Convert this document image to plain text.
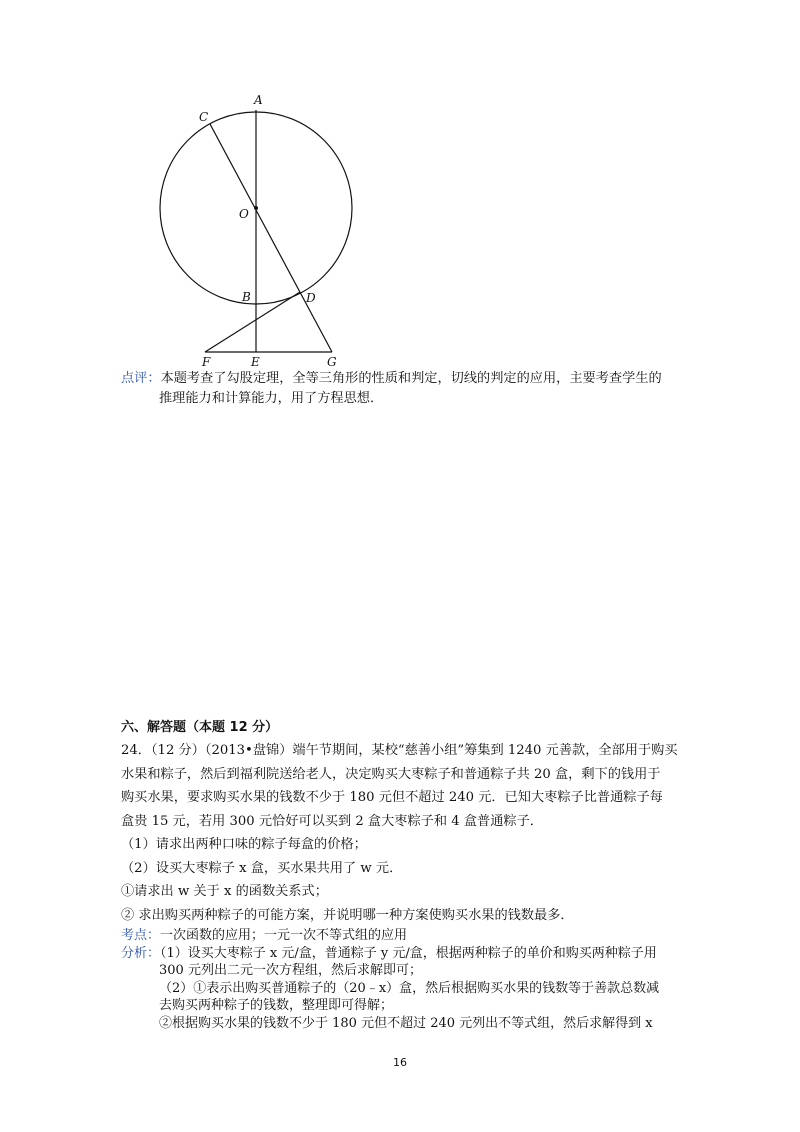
A
C
O
B	D
F	E	G
点评：本题考查了勾股定理，全等三角形的性质和判定，切线的判定的应用，主要考查学生的
推理能力和计算能力，用了方程思想．
六、解答题（本题 12 分）

24．（12 分）（2013•盘锦）端午节期间，某校“慈善小组”筹集到 1240 元善款，全部用于购买

水果和粽子，然后到福利院送给老人，决定购买大枣粽子和普通粽子共 20 盒，剩下的钱用于

购买水果，要求购买水果的钱数不少于 180 元但不超过 240 元．已知大枣粽子比普通粽子每

盒贵 15 元，若用 300 元恰好可以买到 2 盒大枣粽子和 4 盒普通粽子．

（1）请求出两种口味的粽子每盒的价格；

（2）设买大枣粽子 x 盒，买水果共用了 w 元．

①请求出 w 关于 x 的函数关系式；

② 求出购买两种粽子的可能方案，并说明哪一种方案使购买水果的钱数最多．

考点：一次函数的应用；一元一次不等式组的应用

分析：（1）设买大枣粽子 x 元/盒，普通粽子 y 元/盒，根据两种粽子的单价和购买两种粽子用

300 元列出二元一次方程组，然后求解即可；

（2）①表示出购买普通粽子的（20﹣x）盒，然后根据购买水果的钱数等于善款总数减

去购买两种粽子的钱数，整理即可得解；

②根据购买水果的钱数不少于 180 元但不超过 240 元列出不等式组，然后求解得到 x

16
